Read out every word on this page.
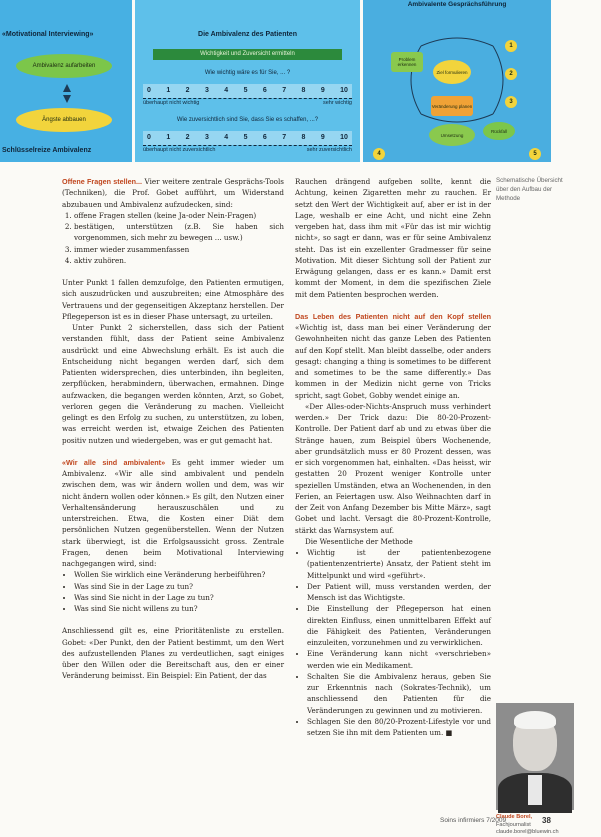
«Motivational Interviewing»
Ambivalenz aufarbeiten
Ängste abbauen
Schlüsselreize Ambivalenz
Die Ambivalenz des Patienten
Wichtigkeit und Zuversicht ermitteln
Wie wichtig wäre es für Sie, ... ?
0 1 2 3 4 5 6 7 8 9 10
überhaupt nicht wichtig	sehr wichtig
Wie zuversichtlich sind Sie, dass Sie es schaffen, ...?
0 1 2 3 4 5 6 7 8 9 10
überhaupt nicht zuversichtlich	sehr zuversichtlich
Ambivalente Gesprächsführung
Problem erkennen
Ziel formulieren
Veränderung planen
Umsetzung
Rückfall
1
2
3
4	5

Offene Fragen stellen... Vier weitere zentrale Gesprächs-Tools (Techniken), die Prof. Gobet aufführt, um Widerstand abzubauen und Ambivalenz aufzudecken, sind:

1. offene Fragen stellen (keine Ja-oder Nein-Fragen)
2. bestätigen, unterstützen (z.B. Sie haben sich vorgenommen, sich mehr zu bewegen ... usw.)
3. immer wieder zusammenfassen
4. aktiv zuhören.

Unter Punkt 1 fallen demzufolge, den Patienten ermutigen, sich auszudrücken und auszubreiten; eine Atmosphäre des Vertrauens und der gegenseitigen Akzeptanz herstellen. Der Pflegeperson ist es in dieser Phase untersagt, zu urteilen.

Unter Punkt 2 sicherstellen, dass sich der Patient verstanden fühlt, dass der Patient seine Ambivalenz ausdrückt und eine Abwechslung erhält. Es ist auch die Entscheidung nicht begangen werden darf, sich dem Patienten widersprechen, dies unterbinden, ihn begleiten, zerpflücken, herabmindern, überwachen, ermahnen. Dinge aufzwacken, die begangen werden könnten, Arzt, so Gobet, verloren gegen die Veränderung zu machen. Vielleicht gelingt es den Erfolg zu suchen, zu unterstützen, zu loben, was erreicht werden ist, etwaige Zeichen des Patienten positiv nutzen und wiedergeben, was er gut gemacht hat.

«Wir alle sind ambivalent» Es geht immer wieder um Ambivalenz. «Wir alle sind ambivalent und pendeln zwischen dem, was wir ändern wollen und dem, was wir nicht ändern wollen oder können.» Es gilt, den Nutzen einer Verhaltensänderung herauszuschälen und zu unterstreichen. Etwa, die Kosten einer Diät dem persönlichen Nutzen gegenüberstellen. Wenn der Nutzen stark überwiegt, ist die Erfolgsaussicht gross. Zentrale Fragen, denen beim Motivational Interviewing nachgegangen wird, sind:

• Wollen Sie wirklich eine Veränderung herbeiführen?
• Was sind Sie in der Lage zu tun?
• Was sind Sie nicht in der Lage zu tun?
• Was sind Sie nicht willens zu tun?

Anschliessend gilt es, eine Prioritätenliste zu erstellen. Gobet: «Der Punkt, den der Patient bestimmt, um den Wert des aufzustellenden Planes zu verdeutlichen, sagt einiges über den Willen oder die Bereitschaft aus, den er einer Veränderung beimisst. Ein Beispiel: Ein Patient, der das

Rauchen drängend aufgeben sollte, kennt die Achtung, keinen Zigaretten mehr zu rauchen. Er setzt den Wert der Wichtigkeit auf, aber er ist in der Lage, weshalb er eine Acht, und nicht eine Zehn vergeben hat, dass ihm mit «Für das ist mir wichtig nicht», so sagt er dann, was er für seine Ambivalenz steht. Das ist ein exzellenter Gradmesser für seine Motivation. Mit dieser Sichtung soll der Patient zur Erwägung gelangen, dass er es kann.» Damit erst kommt der Moment, in dem die spezifischen Ziele mit dem Patienten besprochen werden.

Das Leben des Patienten nicht auf den Kopf stellen «Wichtig ist, dass man bei einer Veränderung der Gewohnheiten nicht das ganze Leben des Patienten auf den Kopf stellt. Man bleibt dasselbe, oder anders gesagt: changing a thing is sometimes to be different and sometimes to be the same differently.» Das kommen in der Medizin nicht gerne von Tricks spricht, sagt Gobet, Gobby wendet einige an.

«Der Alles-oder-Nichts-Anspruch muss verhindert werden.» Der Trick dazu: Die 80-20-Prozent-Kontrolle. Der Patient darf ab und zu etwas über die Stränge hauen, zum Beispiel übers Wochenende, aber grundsätzlich muss er 80 Prozent dessen, was er sich vorgenommen hat, einhalten. «Das heisst, wir gestatten 20 Prozent weniger Kontrolle unter speziellen Umständen, etwa an Wochenenden, in den Ferien, an Feiertagen usw. Also Weihnachten darf in der Zeit von Anfang Dezember bis Mitte März», sagt Gobet und lacht. Versagt die 80-Prozent-Kontrolle, stärkt das Warnsystem auf.

Die Wesentliche der Methode

• Wichtig ist der patientenbezogene (patientenzentrierte) Ansatz, der Patient steht im Mittelpunkt und wird «geführt».
• Der Patient will, muss verstanden werden, der Mensch ist das Wichtigste.
• Die Einstellung der Pflegeperson hat einen direkten Einfluss, einen unmittelbaren Effekt auf die Fähigkeit des Patienten, Veränderungen einzuleiten, vorzunehmen und zu verwirklichen.
• Eine Veränderung kann nicht «verschrieben» werden wie ein Medikament.
• Schalten Sie die Ambivalenz heraus, geben Sie zur Erkenntnis nach (Sokrates-Technik), um anschliessend den Patienten für die Veränderungen zu gewinnen und zu motivieren.
• Schlagen Sie den 80/20-Prozent-Lifestyle vor und setzen Sie ihn mit dem Patienten um. ■
Schematische Übersicht über den Aufbau der Methode
Claude Borel,
Fachjournalist
claude.borel@bluewin.ch
Soins infirmiers 7/2009	38
